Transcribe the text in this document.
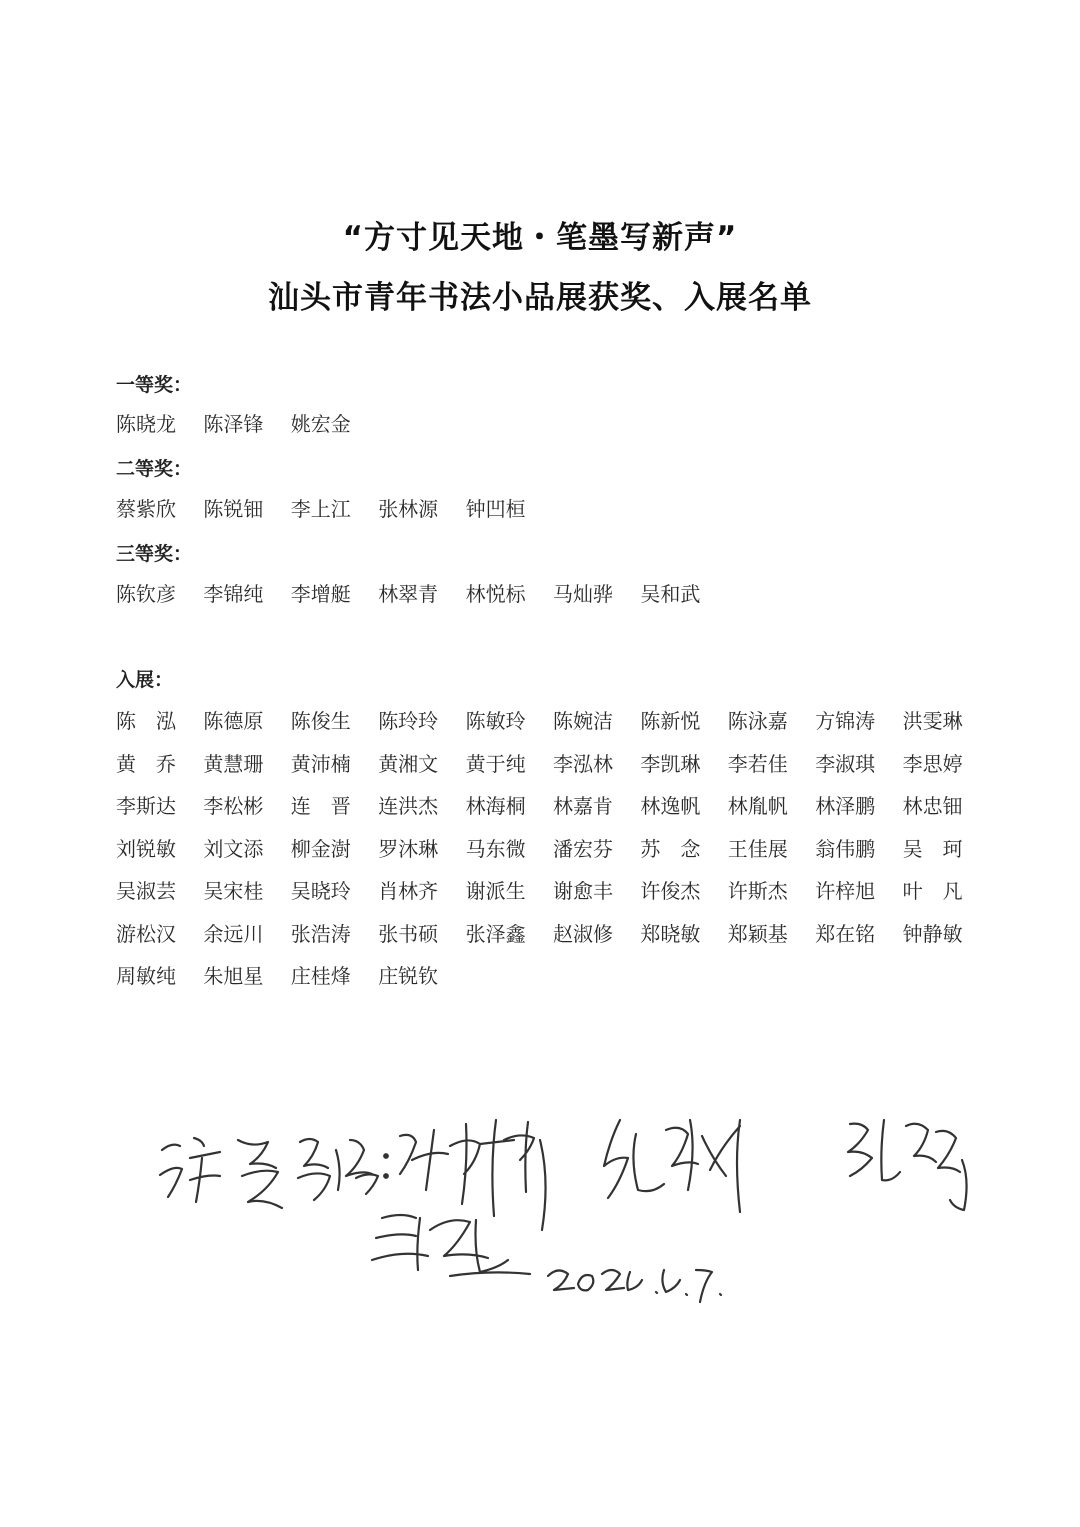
“方寸见天地・笔墨写新声”
汕头市青年书法小品展获奖、入展名单
一等奖：
陈晓龙 陈泽锋 姚宏金
二等奖：
蔡紫欣 陈锐钿 李上江 张林源 钟凹桓
三等奖：
陈钦彦 李锦纯 李增艇 林翠青 林悦标 马灿骅 吴和武
入展：
陈　泓 陈德原 陈俊生 陈玲玲 陈敏玲 陈婉洁 陈新悦 陈泳嘉 方锦涛 洪雯琳
黄　乔 黄慧珊 黄沛楠 黄湘文 黄于纯 李泓林 李凯琳 李若佳 李淑琪 李思婷
李斯达 李松彬 连　晋 连洪杰 林海桐 林嘉肯 林逸帆 林胤帆 林泽鹏 林忠钿
刘锐敏 刘文添 柳金澍 罗沐琳 马东微 潘宏芬 苏　念 王佳展 翁伟鹏 吴　珂
吴淑芸 吴宋桂 吴晓玲 肖林齐 谢派生 谢愈丰 许俊杰 许斯杰 许梓旭 叶　凡
游松汉 余远川 张浩涛 张书硕 张泽鑫 赵淑修 郑晓敏 郑颖基 郑在铭 钟静敏
周敏纯 朱旭星 庄桂烽 庄锐钦
